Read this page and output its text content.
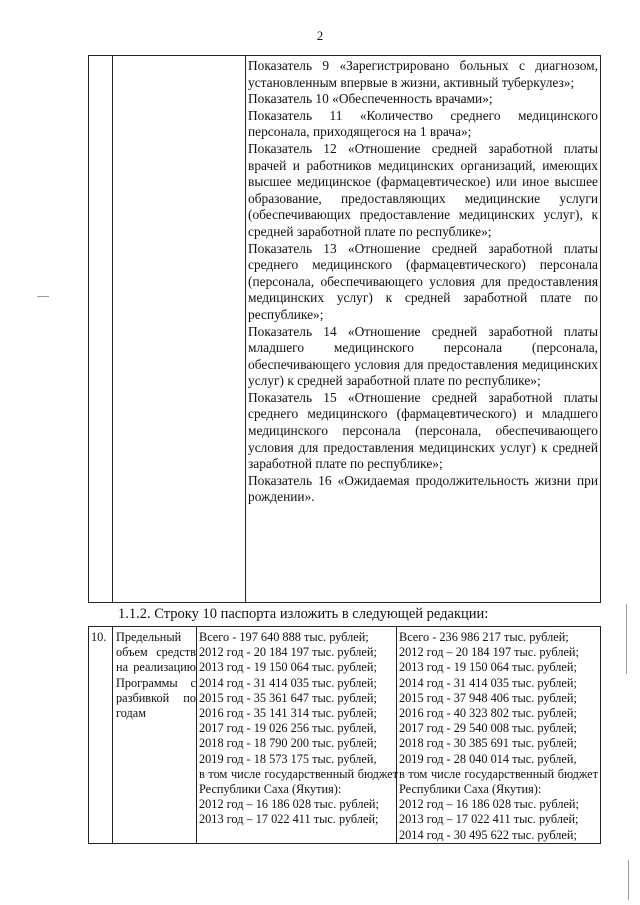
2

Показатель 9 «Зарегистрировано больных с диагнозом, установленным впервые в жизни, активный туберкулез»;

Показатель 10 «Обеспеченность врачами»;

Показатель 11 «Количество среднего медицинского персонала, приходящегося на 1 врача»;

Показатель 12 «Отношение средней заработной платы врачей и работников медицинских организаций, имеющих высшее медицинское (фармацевтическое) или иное высшее образование, предоставляющих медицинские услуги (обеспечивающих предоставление медицинских услуг), к средней заработной плате по республике»;

Показатель 13 «Отношение средней заработной платы среднего медицинского (фармацевтического) персонала (персонала, обеспечивающего условия для предоставления медицинских услуг) к средней заработной плате по республике»;

Показатель 14 «Отношение средней заработной платы младшего медицинского персонала (персонала, обеспечивающего условия для предоставления медицинских услуг) к средней заработной плате по республике»;

Показатель 15 «Отношение средней заработной платы среднего медицинского (фармацевтического) и младшего медицинского персонала (персонала, обеспечивающего условия для предоставления медицинских услуг) к средней заработной плате по республике»;

Показатель 16 «Ожидаемая продолжительность жизни при рождении».

1.1.2. Строку 10 паспорта изложить в следующей редакции:
10. Предельный объем средств на реализацию Программы с разбивкой по годам
Всего - 197 640 888 тыс. рублей;
2012 год - 20 184 197 тыс. рублей;
2013 год - 19 150 064 тыс. рублей;
2014 год - 31 414 035 тыс. рублей;
2015 год - 35 361 647 тыс. рублей;
2016 год - 35 141 314 тыс. рублей;
2017 год - 19 026 256 тыс. рублей,
2018 год - 18 790 200 тыс. рублей;
2019 год - 18 573 175 тыс. рублей,
в том числе государственный бюджет Республики Саха (Якутия):
2012 год – 16 186 028 тыс. рублей;
2013 год – 17 022 411 тыс. рублей;
Всего - 236 986 217 тыс. рублей;
2012 год – 20 184 197 тыс. рублей;
2013 год - 19 150 064 тыс. рублей;
2014 год - 31 414 035 тыс. рублей;
2015 год - 37 948 406 тыс. рублей;
2016 год - 40 323 802 тыс. рублей;
2017 год - 29 540 008 тыс. рублей;
2018 год - 30 385 691 тыс. рублей;
2019 год - 28 040 014 тыс. рублей,
в том числе государственный бюджет Республики Саха (Якутия):
2012 год – 16 186 028 тыс. рублей;
2013 год – 17 022 411 тыс. рублей;
2014 год - 30 495 622 тыс. рублей;
